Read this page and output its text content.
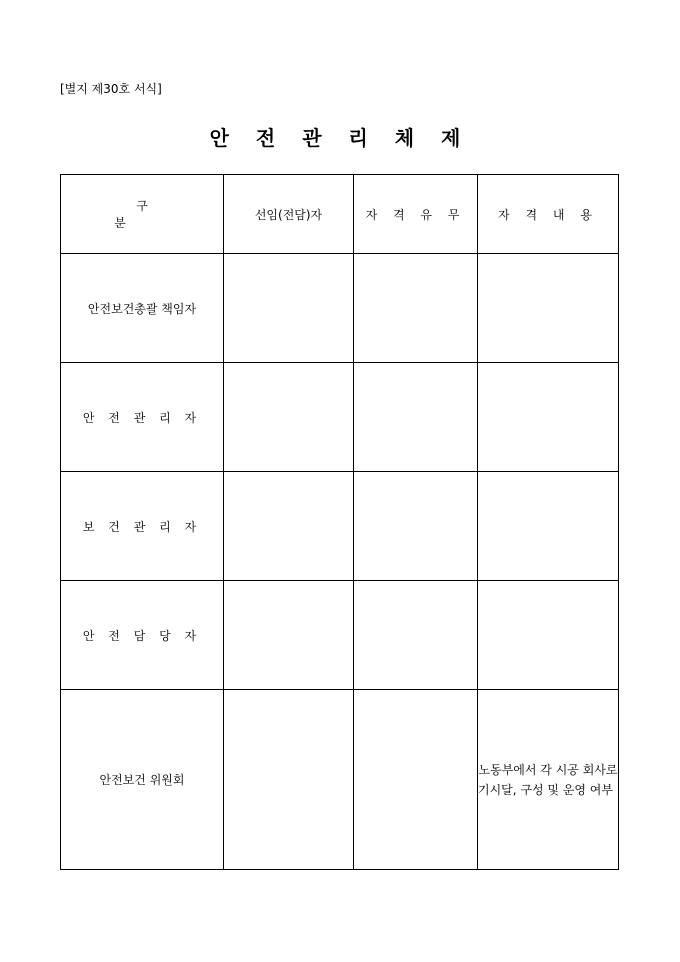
[별지 제30호 서식]
안 전 관 리 체 제
구 분	선임(전담)자	자 격 유 무	자 격 내 용
안전보건총괄 책임자			
안 전 관 리 자			
보 건 관 리 자			
안 전 담 당 자			
안전보건 위원회			노동부에서 각 시공 회사로 기시달, 구성 및 운영 여부
